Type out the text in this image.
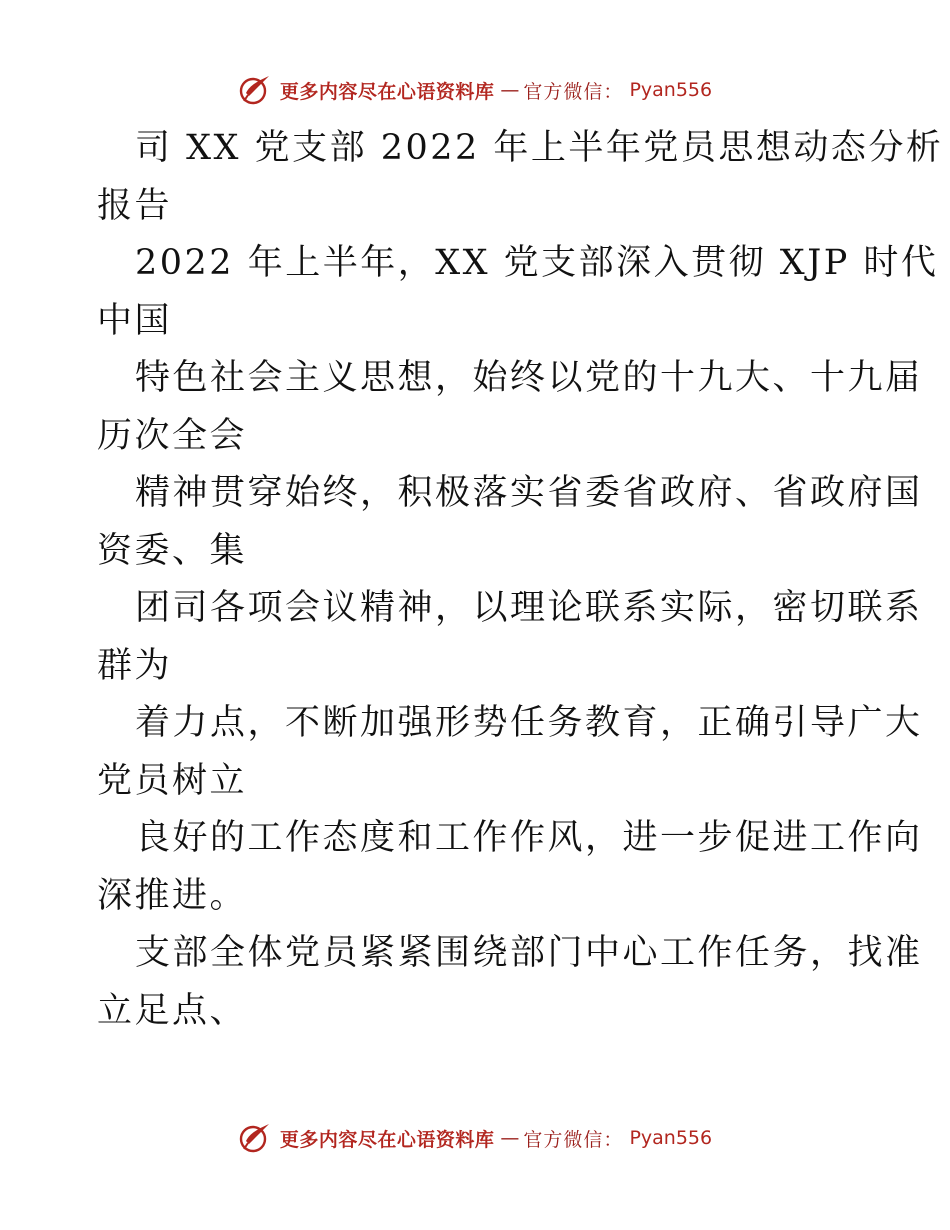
更多内容尽在心语资料库 — 官方微信： Pyan556

司 XX 党支部 2022 年上半年党员思想动态分析

报告

2022 年上半年，XX 党支部深入贯彻 XJP 时代

中国

特色社会主义思想，始终以党的十九大、十九届

历次全会

精神贯穿始终，积极落实省委省政府、省政府国

资委、集

团司各项会议精神，以理论联系实际，密切联系

群为

着力点，不断加强形势任务教育，正确引导广大

党员树立

良好的工作态度和工作作风，进一步促进工作向

深推进。

支部全体党员紧紧围绕部门中心工作任务，找准

立足点、

更多内容尽在心语资料库 — 官方微信： Pyan556
